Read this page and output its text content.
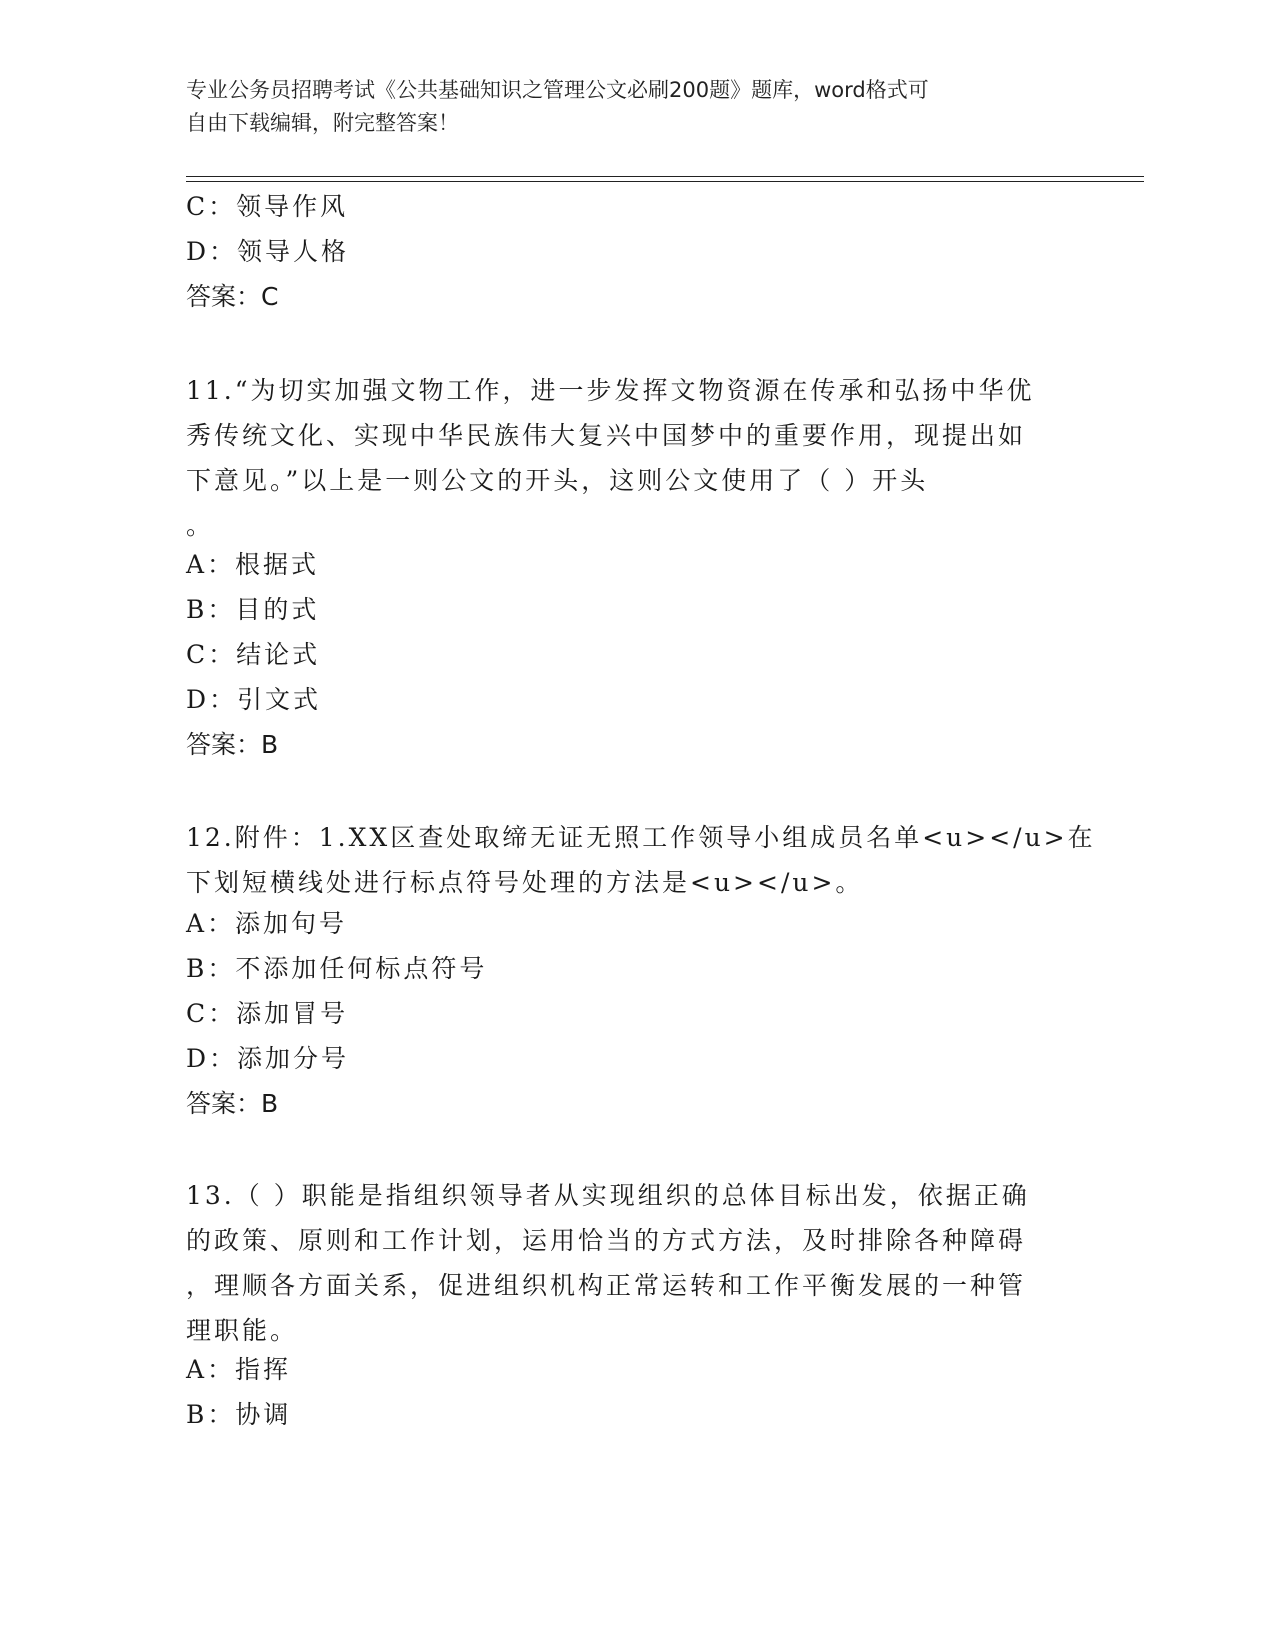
专业公务员招聘考试《公共基础知识之管理公文必刷200题》题库，word格式可
自由下载编辑，附完整答案！
C：领导作风
D：领导人格
答案：C
11.“为切实加强文物工作，进一步发挥文物资源在传承和弘扬中华优
秀传统文化、实现中华民族伟大复兴中国梦中的重要作用，现提出如
下意见。”以上是一则公文的开头，这则公文使用了（ ）开头
。
A：根据式
B：目的式
C：结论式
D：引文式
答案：B
12.附件：1.XX区查处取缔无证无照工作领导小组成员名单<u></u>在
下划短横线处进行标点符号处理的方法是<u></u>。
A：添加句号
B：不添加任何标点符号
C：添加冒号
D：添加分号
答案：B
13.（ ）职能是指组织领导者从实现组织的总体目标出发，依据正确
的政策、原则和工作计划，运用恰当的方式方法，及时排除各种障碍
，理顺各方面关系，促进组织机构正常运转和工作平衡发展的一种管
理职能。
A：指挥
B：协调
